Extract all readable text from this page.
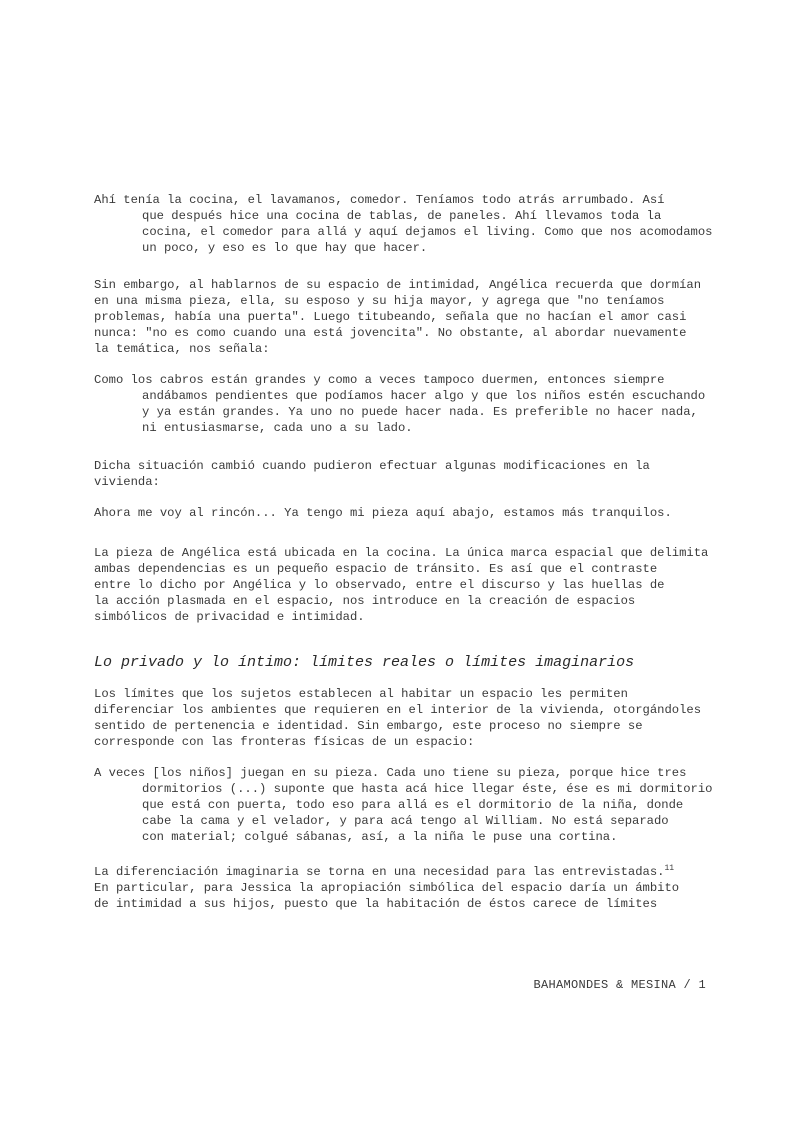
Ahí tenía la cocina, el lavamanos, comedor. Teníamos todo atrás arrumbado. Así
que después hice una cocina de tablas, de paneles. Ahí llevamos toda la
cocina, el comedor para allá y aquí dejamos el living. Como que nos acomodamos
un poco, y eso es lo que hay que hacer.
Sin embargo, al hablarnos de su espacio de intimidad, Angélica recuerda que dormían
en una misma pieza, ella, su esposo y su hija mayor, y agrega que "no teníamos
problemas, había una puerta". Luego titubeando, señala que no hacían el amor casi
nunca: "no es como cuando una está jovencita". No obstante, al abordar nuevamente
la temática, nos señala:
Como los cabros están grandes y como a veces tampoco duermen, entonces siempre
andábamos pendientes que podíamos hacer algo y que los niños estén escuchando
y ya están grandes. Ya uno no puede hacer nada. Es preferible no hacer nada,
ni entusiasmarse, cada uno a su lado.
Dicha situación cambió cuando pudieron efectuar algunas modificaciones en la
vivienda:
Ahora me voy al rincón... Ya tengo mi pieza aquí abajo, estamos más tranquilos.
La pieza de Angélica está ubicada en la cocina. La única marca espacial que delimita
ambas dependencias es un pequeño espacio de tránsito. Es así que el contraste
entre lo dicho por Angélica y lo observado, entre el discurso y las huellas de
la acción plasmada en el espacio, nos introduce en la creación de espacios
simbólicos de privacidad e intimidad.
Lo privado y lo íntimo: límites reales o límites imaginarios
Los límites que los sujetos establecen al habitar un espacio les permiten
diferenciar los ambientes que requieren en el interior de la vivienda, otorgándoles
sentido de pertenencia e identidad. Sin embargo, este proceso no siempre se
corresponde con las fronteras físicas de un espacio:
A veces [los niños] juegan en su pieza. Cada uno tiene su pieza, porque hice tres
dormitorios (...) suponte que hasta acá hice llegar éste, ése es mi dormitorio
que está con puerta, todo eso para allá es el dormitorio de la niña, donde
cabe la cama y el velador, y para acá tengo al William. No está separado
con material; colgué sábanas, así, a la niña le puse una cortina.
La diferenciación imaginaria se torna en una necesidad para las entrevistadas.$^{11}$
En particular, para Jessica la apropiación simbólica del espacio daría un ámbito
de intimidad a sus hijos, puesto que la habitación de éstos carece de límites
BAHAMONDES & MESINA / 1
